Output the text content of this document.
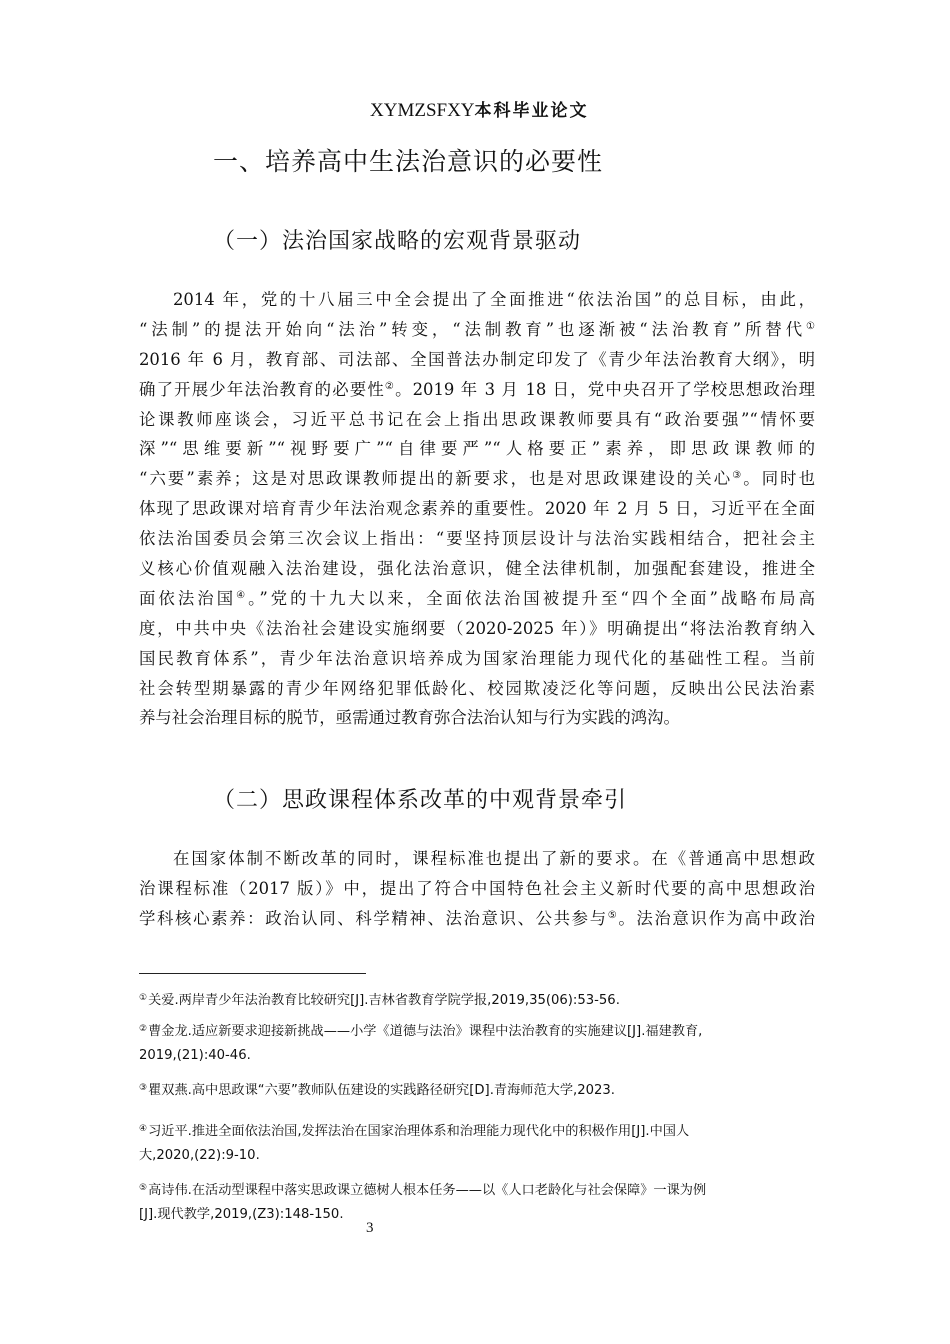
XYMZSFXY本科毕业论文
一、培养高中生法治意识的必要性
（一）法治国家战略的宏观背景驱动
2014 年，党的十八届三中全会提出了全面推进“依法治国”的总目标，由此，
“法制”的提法开始向“法治”转变，“法制教育”也逐渐被“法治教育”所替代①
2016 年 6 月，教育部、司法部、全国普法办制定印发了《青少年法治教育大纲》，明
确了开展少年法治教育的必要性②。2019 年 3 月 18 日，党中央召开了学校思想政治理
论课教师座谈会，习近平总书记在会上指出思政课教师要具有“政治要强”“情怀要
深”“思维要新”“视野要广”“自律要严”“人格要正”素养，即思政课教师的
“六要”素养；这是对思政课教师提出的新要求，也是对思政课建设的关心③。同时也
体现了思政课对培育青少年法治观念素养的重要性。2020 年 2 月 5 日，习近平在全面
依法治国委员会第三次会议上指出：“要坚持顶层设计与法治实践相结合，把社会主
义核心价值观融入法治建设，强化法治意识，健全法律机制，加强配套建设，推进全
面依法治国④。”党的十九大以来，全面依法治国被提升至“四个全面”战略布局高
度，中共中央《法治社会建设实施纲要（2020-2025 年）》明确提出“将法治教育纳入
国民教育体系”，青少年法治意识培养成为国家治理能力现代化的基础性工程。当前
社会转型期暴露的青少年网络犯罪低龄化、校园欺凌泛化等问题，反映出公民法治素
养与社会治理目标的脱节，亟需通过教育弥合法治认知与行为实践的鸿沟。
（二）思政课程体系改革的中观背景牵引
在国家体制不断改革的同时，课程标准也提出了新的要求。在《普通高中思想政
治课程标准（2017 版）》中，提出了符合中国特色社会主义新时代要的高中思想政治
学科核心素养：政治认同、科学精神、法治意识、公共参与⑤。法治意识作为高中政治
①关爱.两岸青少年法治教育比较研究[J].吉林省教育学院学报,2019,35(06):53-56.
②曹金龙.适应新要求迎接新挑战——小学《道德与法治》课程中法治教育的实施建议[J].福建教育,
2019,(21):40-46.
③瞿双燕.高中思政课“六要”教师队伍建设的实践路径研究[D].青海师范大学,2023.
④习近平.推进全面依法治国,发挥法治在国家治理体系和治理能力现代化中的积极作用[J].中国人
大,2020,(22):9-10.
⑤高诗伟.在活动型课程中落实思政课立德树人根本任务——以《人口老龄化与社会保障》一课为例
[J].现代教学,2019,(Z3):148-150.
3
